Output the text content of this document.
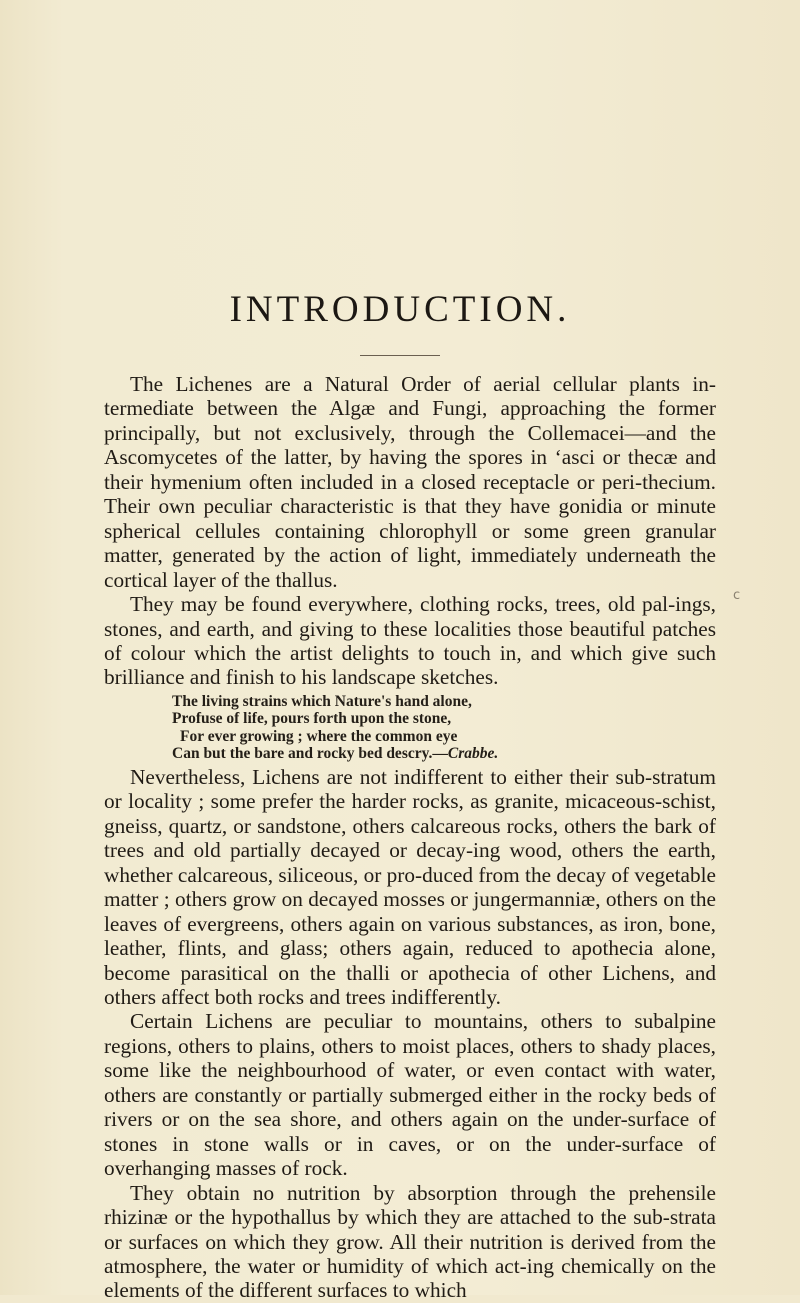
INTRODUCTION.

The Lichenes are a Natural Order of aerial cellular plants in-termediate between the Algæ and Fungi, approaching the former principally, but not exclusively, through the Collemacei—and the Ascomycetes of the latter, by having the spores in ʻasci or thecæ and their hymenium often included in a closed receptacle or peri-thecium. Their own peculiar characteristic is that they have gonidia or minute spherical cellules containing chlorophyll or some green granular matter, generated by the action of light, immediately underneath the cortical layer of the thallus.

They may be found everywhere, clothing rocks, trees, old pal-ings, stones, and earth, and giving to these localities those beautiful patches of colour which the artist delights to touch in, and which give such brilliance and finish to his landscape sketches.

The living strains which Nature's hand alone,
Profuse of life, pours forth upon the stone,
For ever growing ; where the common eye
Can but the bare and rocky bed descry.—Crabbe.

Nevertheless, Lichens are not indifferent to either their sub-stratum or locality ; some prefer the harder rocks, as granite, micaceous-schist, gneiss, quartz, or sandstone, others calcareous rocks, others the bark of trees and old partially decayed or decay-ing wood, others the earth, whether calcareous, siliceous, or pro-duced from the decay of vegetable matter ; others grow on decayed mosses or jungermanniæ, others on the leaves of evergreens, others again on various substances, as iron, bone, leather, flints, and glass; others again, reduced to apothecia alone, become parasitical on the thalli or apothecia of other Lichens, and others affect both rocks and trees indifferently.

Certain Lichens are peculiar to mountains, others to subalpine regions, others to plains, others to moist places, others to shady places, some like the neighbourhood of water, or even contact with water, others are constantly or partially submerged either in the rocky beds of rivers or on the sea shore, and others again on the under-surface of stones in stone walls or in caves, or on the under-surface of overhanging masses of rock.

They obtain no nutrition by absorption through the prehensile rhizinæ or the hypothallus by which they are attached to the sub-strata or surfaces on which they grow. All their nutrition is derived from the atmosphere, the water or humidity of which act-ing chemically on the elements of the different surfaces to which

c
